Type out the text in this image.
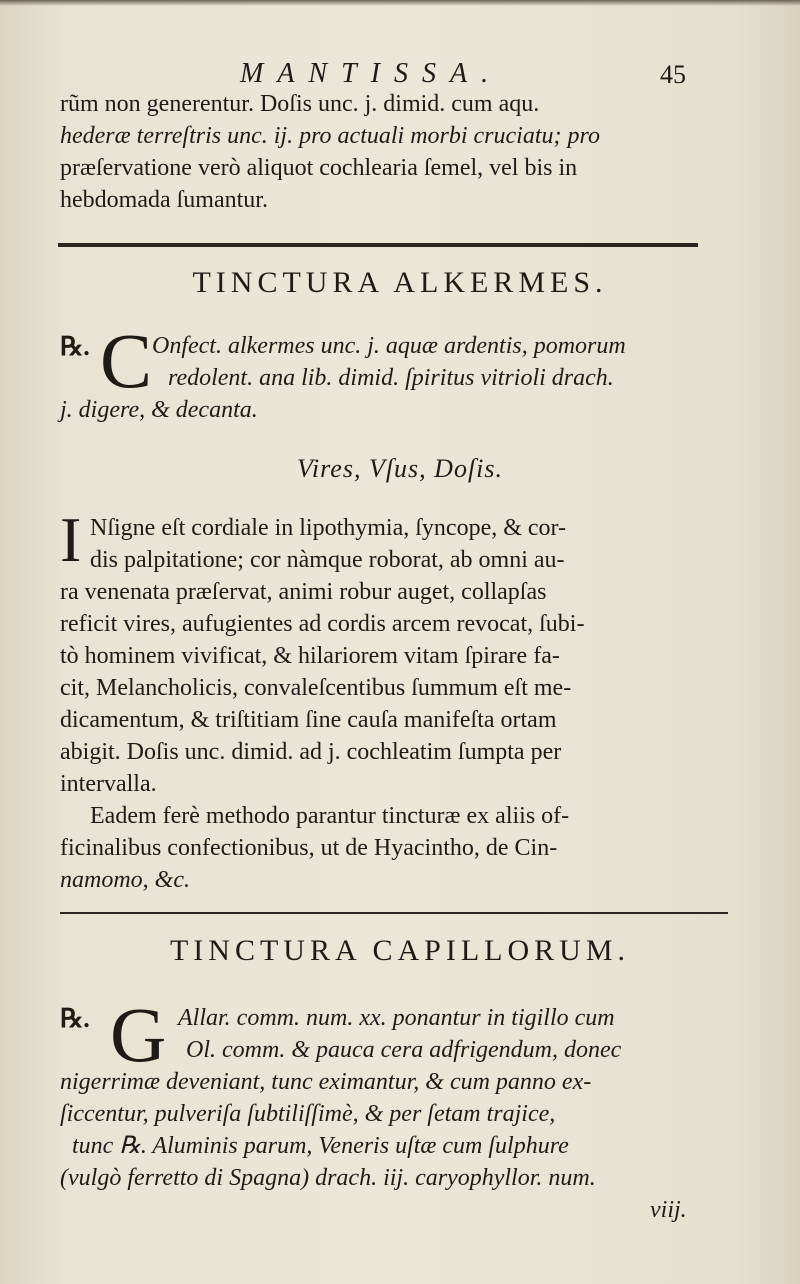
MANTISSA.	45
rũm non generentur. Doſis unc. j. dimid. cum aqu.
hederæ terreſtris unc. ij. pro actuali morbi cruciatu; pro
præſervatione verò aliquot cochlearia ſemel, vel bis in
hebdomada ſumantur.
TINCTURA ALKERMES.
℞. C Onfect. alkermes unc. j. aquæ ardentis, pomorum
redolent. ana lib. dimid. ſpiritus vitrioli drach.
j. digere, & decanta.
Vires, Vſus, Doſis.
I Nſigne eſt cordiale in lipothymia, ſyncope, & cor-
dis palpitatione; cor nàmque roborat, ab omni au-
ra venenata præſervat, animi robur auget, collapſas
reficit vires, aufugientes ad cordis arcem revocat, ſubi-
tò hominem vivificat, & hilariorem vitam ſpirare fa-
cit, Melancholicis, convaleſcentibus ſummum eſt me-
dicamentum, & triſtitiam ſine cauſa manifeſta ortam
abigit. Doſis unc. dimid. ad j. cochleatim ſumpta per
intervalla.
Eadem ferè methodo parantur tincturæ ex aliis of-
ficinalibus confectionibus, ut de Hyacintho, de Cin-
namomo, &c.
TINCTURA CAPILLORUM.
℞. G Allar. comm. num. xx. ponantur in tigillo cum
Ol. comm. & pauca cera adfrigendum, donec
nigerrimæ deveniant, tunc eximantur, & cum panno ex-
ſiccentur, pulveriſa ſubtiliſſimè, & per ſetam trajice,
tunc ℞. Aluminis parum, Veneris uſtæ cum ſulphure
(vulgò ferretto di Spagna) drach. iij. caryophyllor. num.
viij.
